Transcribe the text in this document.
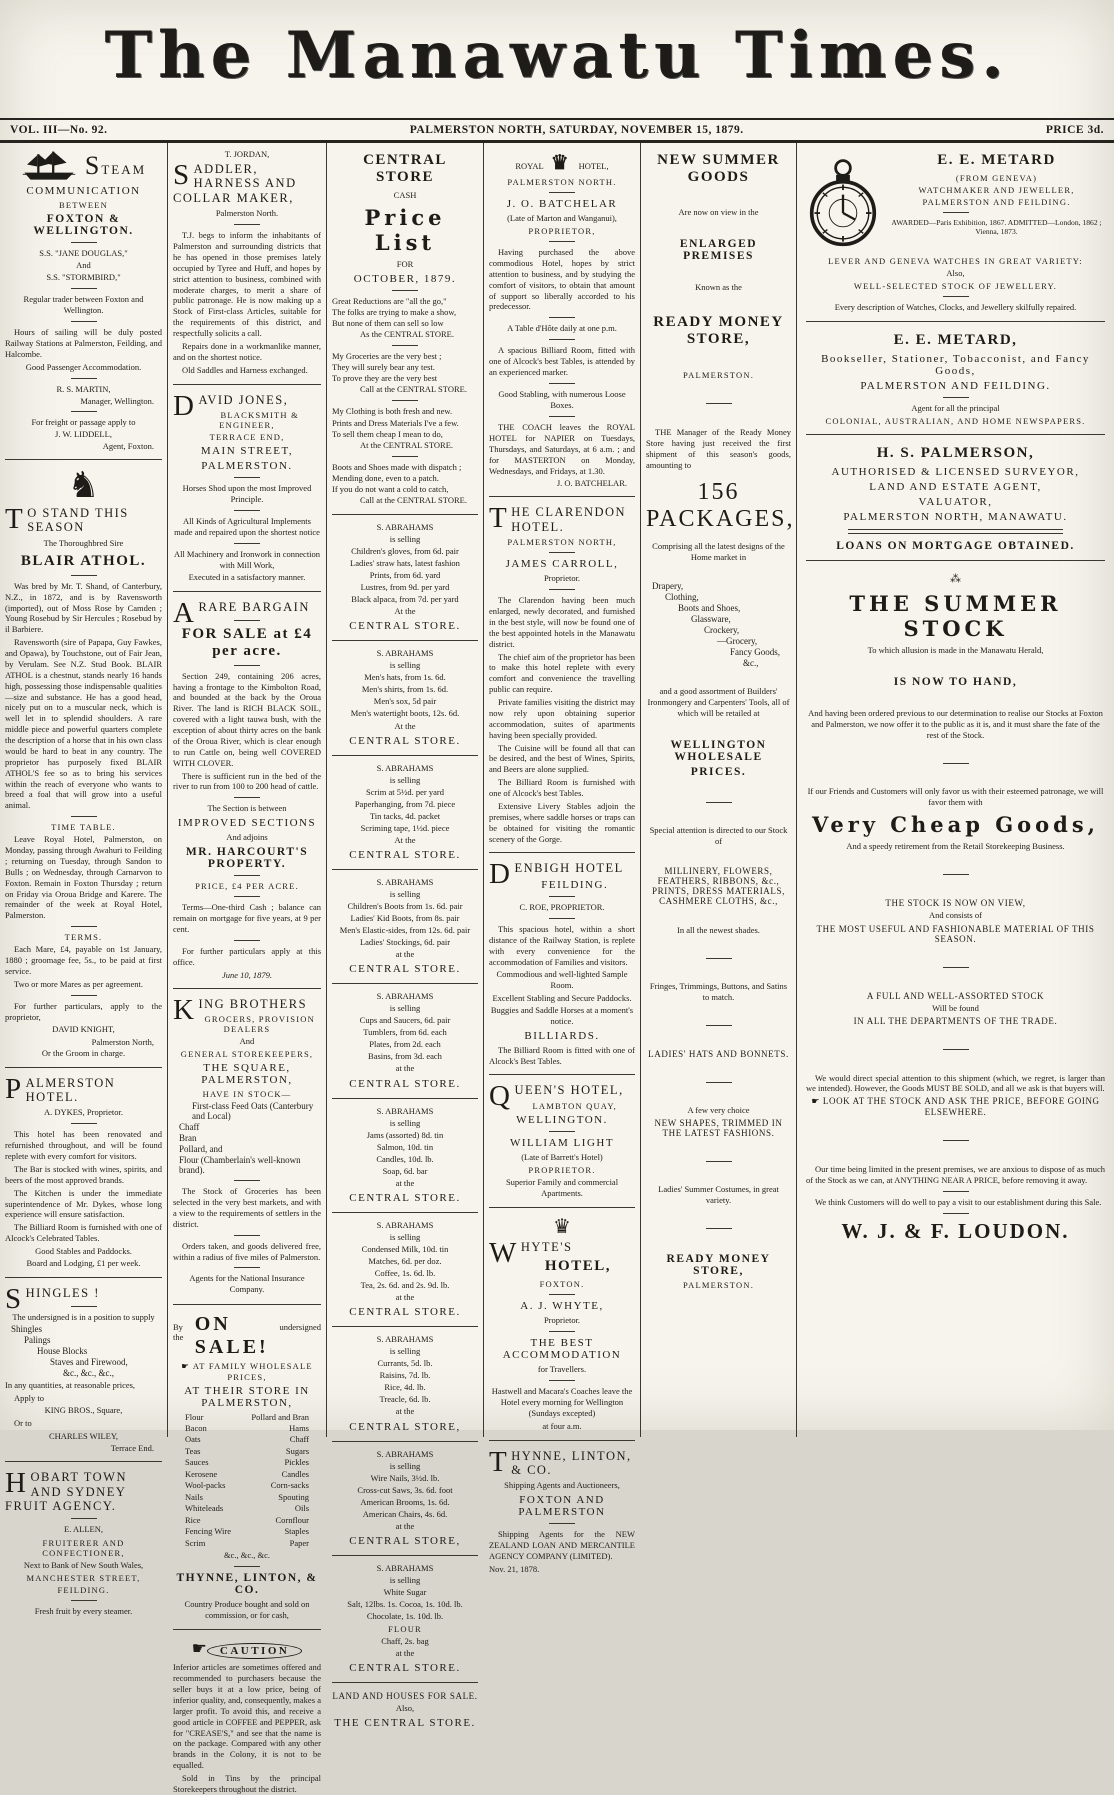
The Manawatu Times.
VOL. III—No. 92.	PALMERSTON NORTH, SATURDAY, NOVEMBER 15, 1879.	PRICE 3d.
STEAM
COMMUNICATION
BETWEEN
FOXTON & WELLINGTON.
S.S. "JANE DOUGLAS,"
And
S.S. "STORMBIRD,"
Regular trader between Foxton and Wellington.
Hours of sailing will be duly posted Railway Stations at Palmerston, Feilding, and Halcombe.
Good Passenger Accommodation.
R. S. MARTIN,
Manager, Wellington.
For freight or passage apply to
J. W. LIDDELL,
Agent, Foxton.
♞
TO STAND THIS SEASON
The Thoroughbred Sire
BLAIR ATHOL.
Was bred by Mr. T. Shand, of Canterbury, N.Z., in 1872, and is by Ravensworth (imported), out of Moss Rose by Camden ; Young Rosebud by Sir Hercules ; Rosebud by il Barbiere.
Ravensworth (sire of Papapa, Guy Fawkes, and Opawa), by Touchstone, out of Fair Jean, by Verulam. See N.Z. Stud Book. BLAIR ATHOL is a chestnut, stands nearly 16 hands high, possessing those indispensable qualities—size and substance. He has a good head, nicely put on to a muscular neck, which is well let in to splendid shoulders. A rare middle piece and powerful quarters complete the description of a horse that in his own class would be hard to beat in any country. The proprietor has purposely fixed BLAIR ATHOL'S fee so as to bring his services within the reach of everyone who wants to breed a foal that will grow into a useful animal.
TIME TABLE.
Leave Royal Hotel, Palmerston, on Monday, passing through Awahuri to Feilding ; returning on Tuesday, through Sandon to Bulls ; on Wednesday, through Carnarvon to Foxton. Remain in Foxton Thursday ; return on Friday via Oroua Bridge and Karere. The remainder of the week at Royal Hotel, Palmerston.
TERMS.
Each Mare, £4, payable on 1st January, 1880 ; groomage fee, 5s., to be paid at first service.
Two or more Mares as per agreement.
For further particulars, apply to the proprietor,
DAVID KNIGHT,
Palmerston North,
Or the Groom in charge.
PALMERSTON HOTEL.
A. DYKES, Proprietor.
This hotel has been renovated and refurnished throughout, and will be found replete with every comfort for visitors.
The Bar is stocked with wines, spirits, and beers of the most approved brands.
The Kitchen is under the immediate superintendence of Mr. Dykes, whose long experience will ensure satisfaction.
The Billiard Room is furnished with one of Alcock's Celebrated Tables.
Good Stables and Paddocks.
Board and Lodging, £1 per week.
SHINGLES !
The undersigned is in a position to supply
Shingles
Palings
House Blocks
Staves and Firewood,
&c., &c., &c.,
In any quantities, at reasonable prices,
Apply to
KING BROS., Square,
Or to
CHARLES WILEY,
Terrace End.
HOBART TOWN AND SYDNEY FRUIT AGENCY.
E. ALLEN,
FRUITERER AND CONFECTIONER,
Next to Bank of New South Wales,
MANCHESTER STREET,
FEILDING.
Fresh fruit by every steamer.
T. JORDAN,
SADDLER, HARNESS AND COLLAR MAKER,
Palmerston North.
T.J. begs to inform the inhabitants of Palmerston and surrounding districts that he has opened in those premises lately occupied by Tyree and Huff, and hopes by strict attention to business, combined with moderate charges, to merit a share of public patronage. He is now making up a Stock of First-class Articles, suitable for the requirements of this district, and respectfully solicits a call.
Repairs done in a workmanlike manner, and on the shortest notice.
Old Saddles and Harness exchanged.
DAVID JONES,
BLACKSMITH & ENGINEER,
TERRACE END,
MAIN STREET,
PALMERSTON.
Horses Shod upon the most Improved Principle.
All Kinds of Agricultural Implements made and repaired upon the shortest notice
All Machinery and Ironwork in connection with Mill Work,
Executed in a satisfactory manner.
ARARE BARGAIN
FOR SALE at £4 per acre.
Section 249, containing 206 acres, having a frontage to the Kimbolton Road, and bounded at the back by the Oroua River. The land is RICH BLACK SOIL, covered with a light tauwa bush, with the exception of about thirty acres on the bank of the Oroua River, which is clear enough to run Cattle on, being well COVERED WITH CLOVER.
There is sufficient run in the bed of the river to run from 100 to 200 head of cattle.
The Section is between
IMPROVED SECTIONS
And adjoins
MR. HARCOURT'S PROPERTY.
PRICE, £4 PER ACRE.
Terms—One-third Cash ; balance can remain on mortgage for five years, at 9 per cent.
For further particulars apply at this office.
June 10, 1879.
KING BROTHERS
GROCERS, PROVISION DEALERS
And
GENERAL STOREKEEPERS,
THE SQUARE, PALMERSTON,
HAVE IN STOCK—
First-class Feed Oats (Canterbury and Local)
Chaff
Bran
Pollard, and
Flour (Chamberlain's well-known brand).
The Stock of Groceries has been selected in the very best markets, and with a view to the requirements of settlers in the district.
Orders taken, and goods delivered free, within a radius of five miles of Palmerston.
Agents for the National Insurance Company.
By the
ON SALE!
undersigned
☛ AT FAMILY WHOLESALE PRICES,
AT THEIR STORE IN PALMERSTON,
Flour	Pollard and Bran
Bacon	Hams
Oats	Chaff
Teas	Sugars
Sauces	Pickles
Kerosene	Candles
Wool-packs	Corn-sacks
Nails	Spouting
Whiteleads	Oils
Rice	Cornflour
Fencing Wire	Staples
Scrim	Paper
&c., &c., &c.
THYNNE, LINTON, & CO.
Country Produce bought and sold on commission, or for cash,
☛ CAUTION
Inferior articles are sometimes offered and recommended to purchasers because the seller buys it at a low price, being of inferior quality, and, consequently, makes a larger profit. To avoid this, and receive a good article in COFFEE and PEPPER, ask for "CREASE'S," and see that the name is on the package. Compared with any other brands in the Colony, it is not to be equalled.
Sold in Tins by the principal Storekeepers throughout the district.
CENTRAL STORE
CASH
Price List
FOR
OCTOBER, 1879.
Great Reductions are "all the go,"
The folks are trying to make a show,
But none of them can sell so low
As the CENTRAL STORE.
My Groceries are the very best ;
They will surely bear any test.
To prove they are the very best
Call at the CENTRAL STORE.
My Clothing is both fresh and new.
Prints and Dress Materials I've a few.
To sell them cheap I mean to do,
At the CENTRAL STORE.
Boots and Shoes made with dispatch ;
Mending done, even to a patch.
If you do not want a cold to catch,
Call at the CENTRAL STORE.
S. ABRAHAMS
is selling
Children's gloves, from 6d. pair
Ladies' straw hats, latest fashion
Prints, from 6d. yard
Lustres, from 9d. per yard
Black alpaca, from 7d. per yard
At the
CENTRAL STORE.
S. ABRAHAMS
is selling
Men's hats, from 1s. 6d.
Men's shirts, from 1s. 6d.
Men's sox, 5d pair
Men's watertight boots, 12s. 6d.
At the
CENTRAL STORE.
S. ABRAHAMS
is selling
Scrim at 5½d. per yard
Paperhanging, from 7d. piece
Tin tacks, 4d. packet
Scriming tape, 1½d. piece
At the
CENTRAL STORE.
S. ABRAHAMS
is selling
Children's Boots from 1s. 6d. pair
Ladies' Kid Boots, from 8s. pair
Men's Elastic-sides, from 12s. 6d. pair
Ladies' Stockings, 6d. pair
at the
CENTRAL STORE.
S. ABRAHAMS
is selling
Cups and Saucers, 6d. pair
Tumblers, from 6d. each
Plates, from 2d. each
Basins, from 3d. each
at the
CENTRAL STORE.
S. ABRAHAMS
is selling
Jams (assorted) 8d. tin
Salmon, 10d. tin
Candles, 10d. lb.
Soap, 6d. bar
at the
CENTRAL STORE.
S. ABRAHAMS
is selling
Condensed Milk, 10d. tin
Matches, 6d. per doz.
Coffee, 1s. 6d. lb.
Tea, 2s. 6d. and 2s. 9d. lb.
at the
CENTRAL STORE.
S. ABRAHAMS
is selling
Currants, 5d. lb.
Raisins, 7d. lb.
Rice, 4d. lb.
Treacle, 6d. lb.
at the
CENTRAL STORE,
S. ABRAHAMS
is selling
Wire Nails, 3½d. lb.
Cross-cut Saws, 3s. 6d. foot
American Brooms, 1s. 6d.
American Chairs, 4s. 6d.
at the
CENTRAL STORE,
S. ABRAHAMS
is selling
White Sugar
Salt, 12lbs. 1s. Cocoa, 1s. 10d. lb.
Chocolate, 1s. 10d. lb.
FLOUR
Chaff, 2s. bag
at the
CENTRAL STORE.
LAND AND HOUSES FOR SALE.
Also,
THE CENTRAL STORE.
ROYAL ♛ HOTEL,
PALMERSTON NORTH.
J. O. BATCHELAR
(Late of Marton and Wanganui),
PROPRIETOR,
Having purchased the above commodious Hotel, hopes by strict attention to business, and by studying the comfort of visitors, to obtain that amount of support so liberally accorded to his predecessor.
A Table d'Hôte daily at one p.m.
A spacious Billiard Room, fitted with one of Alcock's best Tables, is attended by an experienced marker.
Good Stabling, with numerous Loose Boxes.
THE COACH leaves the ROYAL HOTEL for NAPIER on Tuesdays, Thursdays, and Saturdays, at 6 a.m. ; and for MASTERTON on Monday, Wednesdays, and Fridays, at 1.30.
J. O. BATCHELAR.
THE CLARENDON HOTEL.
PALMERSTON NORTH,
JAMES CARROLL,
Proprietor.
The Clarendon having been much enlarged, newly decorated, and furnished in the best style, will now be found one of the best appointed hotels in the Manawatu district.
The chief aim of the proprietor has been to make this hotel replete with every comfort and convenience the travelling public can require.
Private families visiting the district may now rely upon obtaining superior accommodation, suites of apartments having been specially provided.
The Cuisine will be found all that can be desired, and the best of Wines, Spirits, and Beers are alone supplied.
The Billiard Room is furnished with one of Alcock's best Tables.
Extensive Livery Stables adjoin the premises, where saddle horses or traps can be obtained for visiting the romantic scenery of the Gorge.
DENBIGH HOTEL
FEILDING.
C. ROE, PROPRIETOR.
This spacious hotel, within a short distance of the Railway Station, is replete with every convenience for the accommodation of Families and visitors.
Commodious and well-lighted Sample Room.
Excellent Stabling and Secure Paddocks.
Buggies and Saddle Horses at a moment's notice.
BILLIARDS.
The Billiard Room is fitted with one of Alcock's Best Tables.
QUEEN'S HOTEL,
LAMBTON QUAY,
WELLINGTON.
WILLIAM LIGHT
(Late of Barrett's Hotel)
PROPRIETOR.
Superior Family and commercial Apartments.
♛
WHYTE'S
HOTEL,
FOXTON.
A. J. WHYTE,
Proprietor.
THE BEST ACCOMMODATION
for Travellers.
Hastwell and Macara's Coaches leave the Hotel every morning for Wellington (Sundays excepted)
at four a.m.
THYNNE, LINTON, & CO.
Shipping Agents and Auctioneers,
FOXTON AND PALMERSTON
Shipping Agents for the NEW ZEALAND LOAN AND MERCANTILE AGENCY COMPANY (LIMITED).
Nov. 21, 1878.
NEW SUMMER GOODS
Are now on view in the
ENLARGED PREMISES
Known as the
READY MONEY STORE,
PALMERSTON.
THE Manager of the Ready Money Store having just received the first shipment of this season's goods, amounting to
156 PACKAGES,
Comprising all the latest designs of the Home market in
Drapery,
Clothing,
Boots and Shoes,
Glassware,
Crockery,
—Grocery,
Fancy Goods,
&c.,
and a good assortment of Builders' Ironmongery and Carpenters' Tools, all of which will be retailed at
WELLINGTON WHOLESALE
PRICES.
Special attention is directed to our Stock of
MILLINERY, FLOWERS, FEATHERS, RIBBONS, &c., PRINTS, DRESS MATERIALS, CASHMERE CLOTHS, &c.,
In all the newest shades.
Fringes, Trimmings, Buttons, and Satins to match.
LADIES' HATS AND BONNETS.
A few very choice
NEW SHAPES, TRIMMED IN THE LATEST FASHIONS.
Ladies' Summer Costumes, in great variety.
READY MONEY STORE,
PALMERSTON.
E. E. METARD
(FROM GENEVA)
WATCHMAKER AND JEWELLER,
PALMERSTON AND FEILDING.
AWARDED—Paris Exhibition, 1867. ADMITTED—London, 1862 ; Vienna, 1873.
LEVER AND GENEVA WATCHES IN GREAT VARIETY:
Also,
WELL-SELECTED STOCK OF JEWELLERY.
Every description of Watches, Clocks, and Jewellery skilfully repaired.
E. E. METARD,
Bookseller, Stationer, Tobacconist, and Fancy Goods,
PALMERSTON AND FEILDING.
Agent for all the principal
COLONIAL, AUSTRALIAN, AND HOME NEWSPAPERS.
H. S. PALMERSON,
AUTHORISED & LICENSED SURVEYOR,
LAND AND ESTATE AGENT,
VALUATOR,
PALMERSTON NORTH, MANAWATU.
LOANS ON MORTGAGE OBTAINED.
⁂
THE SUMMER STOCK
To which allusion is made in the Manawatu Herald,
IS NOW TO HAND,
And having been ordered previous to our determination to realise our Stocks at Foxton and Palmerston, we now offer it to the public as it is, and it must share the fate of the rest of the Stock.
If our Friends and Customers will only favor us with their esteemed patronage, we will favor them with
Very Cheap Goods,
And a speedy retirement from the Retail Storekeeping Business.
THE STOCK IS NOW ON VIEW,
And consists of
THE MOST USEFUL AND FASHIONABLE MATERIAL OF THIS SEASON.
A FULL AND WELL-ASSORTED STOCK
Will be found
IN ALL THE DEPARTMENTS OF THE TRADE.
We would direct special attention to this shipment (which, we regret, is larger than we intended). However, the Goods MUST BE SOLD, and all we ask is that buyers will.
☛ LOOK AT THE STOCK AND ASK THE PRICE, BEFORE GOING ELSEWHERE.
Our time being limited in the present premises, we are anxious to dispose of as much of the Stock as we can, at ANYTHING NEAR A PRICE, before removing it away.
We think Customers will do well to pay a visit to our establishment during this Sale.
W. J. & F. LOUDON.
